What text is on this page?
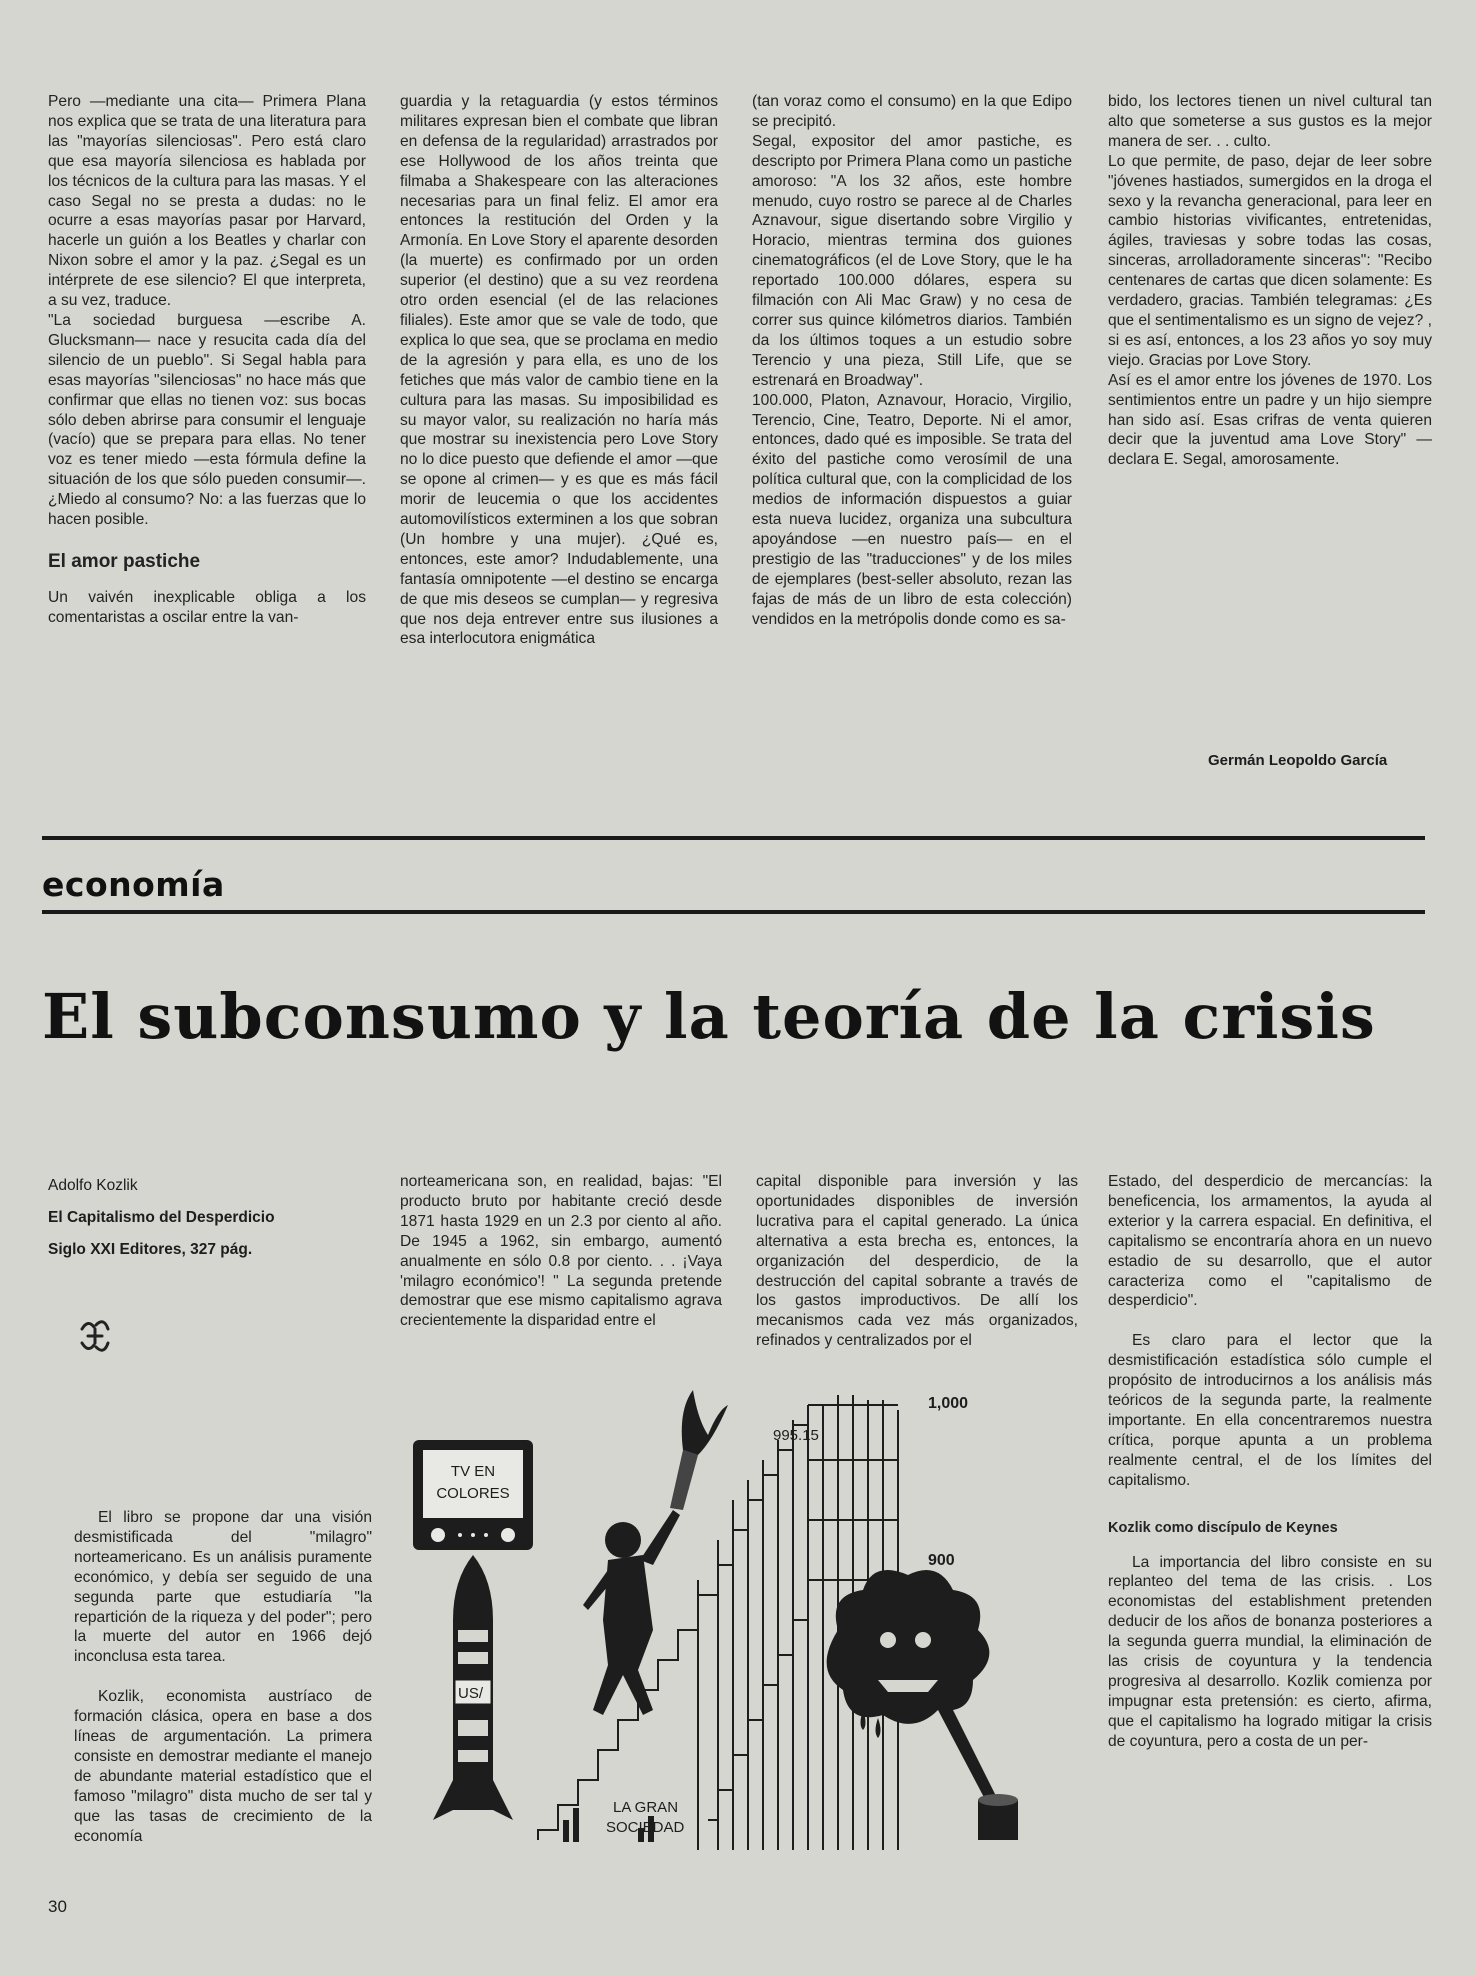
Pero —mediante una cita— Primera Plana nos explica que se trata de una literatura para las "mayorías silenciosas". Pero está claro que esa mayoría silenciosa es hablada por los técnicos de la cultura para las masas. Y el caso Segal no se presta a dudas: no le ocurre a esas mayorías pasar por Harvard, hacerle un guión a los Beatles y charlar con Nixon sobre el amor y la paz. ¿Segal es un intérprete de ese silencio? El que interpreta, a su vez, traduce.

"La sociedad burguesa —escribe A. Glucksmann— nace y resucita cada día del silencio de un pueblo". Si Segal habla para esas mayorías "silenciosas" no hace más que confirmar que ellas no tienen voz: sus bocas sólo deben abrirse para consumir el lenguaje (vacío) que se prepara para ellas. No tener voz es tener miedo —esta fórmula define la situación de los que sólo pueden consumir—. ¿Miedo al consumo? No: a las fuerzas que lo hacen posible.

El amor pastiche

Un vaivén inexplicable obliga a los comentaristas a oscilar entre la van-

guardia y la retaguardia (y estos términos militares expresan bien el combate que libran en defensa de la regularidad) arrastrados por ese Hollywood de los años treinta que filmaba a Shakespeare con las alteraciones necesarias para un final feliz. El amor era entonces la restitución del Orden y la Armonía. En Love Story el aparente desorden (la muerte) es confirmado por un orden superior (el destino) que a su vez reordena otro orden esencial (el de las relaciones filiales). Este amor que se vale de todo, que explica lo que sea, que se proclama en medio de la agresión y para ella, es uno de los fetiches que más valor de cambio tiene en la cultura para las masas. Su imposibilidad es su mayor valor, su realización no haría más que mostrar su inexistencia pero Love Story no lo dice puesto que defiende el amor —que se opone al crimen— y es que es más fácil morir de leucemia o que los accidentes automovilísticos exterminen a los que sobran (Un hombre y una mujer). ¿Qué es, entonces, este amor? Indudablemente, una fantasía omnipotente —el destino se encarga de que mis deseos se cumplan— y regresiva que nos deja entrever entre sus ilusiones a esa interlocutora enigmática

(tan voraz como el consumo) en la que Edipo se precipitó.

Segal, expositor del amor pastiche, es descripto por Primera Plana como un pastiche amoroso: "A los 32 años, este hombre menudo, cuyo rostro se parece al de Charles Aznavour, sigue disertando sobre Virgilio y Horacio, mientras termina dos guiones cinematográficos (el de Love Story, que le ha reportado 100.000 dólares, espera su filmación con Ali Mac Graw) y no cesa de correr sus quince kilómetros diarios. También da los últimos toques a un estudio sobre Terencio y una pieza, Still Life, que se estrenará en Broadway".

100.000, Platon, Aznavour, Horacio, Virgilio, Terencio, Cine, Teatro, Deporte. Ni el amor, entonces, dado qué es imposible. Se trata del éxito del pastiche como verosímil de una política cultural que, con la complicidad de los medios de información dispuestos a guiar esta nueva lucidez, organiza una subcultura apoyándose —en nuestro país— en el prestigio de las "traducciones" y de los miles de ejemplares (best-seller absoluto, rezan las fajas de más de un libro de esta colección) vendidos en la metrópolis donde como es sa-

bido, los lectores tienen un nivel cultural tan alto que someterse a sus gustos es la mejor manera de ser. . . culto.

Lo que permite, de paso, dejar de leer sobre "jóvenes hastiados, sumergidos en la droga el sexo y la revancha generacional, para leer en cambio historias vivificantes, entretenidas, ágiles, traviesas y sobre todas las cosas, sinceras, arrolladoramente sinceras": "Recibo centenares de cartas que dicen solamente: Es verdadero, gracias. También telegramas: ¿Es que el sentimentalismo es un signo de vejez? , si es así, entonces, a los 23 años yo soy muy viejo. Gracias por Love Story.

Así es el amor entre los jóvenes de 1970. Los sentimientos entre un padre y un hijo siempre han sido así. Esas crifras de venta quieren decir que la juventud ama Love Story" —declara E. Segal, amorosamente.

Germán Leopoldo García
economía
El subconsumo y la teoría de la crisis
Adolfo Kozlik
El Capitalismo del Desperdicio
Siglo XXI Editores, 327 pág.

El libro se propone dar una visión desmistificada del "milagro" norteamericano. Es un análisis puramente económico, y debía ser seguido de una segunda parte que estudiaría "la repartición de la riqueza y del poder"; pero la muerte del autor en 1966 dejó inconclusa esta tarea.

Kozlik, economista austríaco de formación clásica, opera en base a dos líneas de argumentación. La primera consiste en demostrar mediante el manejo de abundante material estadístico que el famoso "milagro" dista mucho de ser tal y que las tasas de crecimiento de la economía

norteamericana son, en realidad, bajas: "El producto bruto por habitante creció desde 1871 hasta 1929 en un 2.3 por ciento al año. De 1945 a 1962, sin embargo, aumentó anualmente en sólo 0.8 por ciento. . . ¡Vaya 'milagro económico'! " La segunda pretende demostrar que ese mismo capitalismo agrava crecientemente la disparidad entre el

capital disponible para inversión y las oportunidades disponibles de inversión lucrativa para el capital generado. La única alternativa a esta brecha es, entonces, la organización del desperdicio, de la destrucción del capital sobrante a través de los gastos improductivos. De allí los mecanismos cada vez más organizados, refinados y centralizados por el

Estado, del desperdicio de mercancías: la beneficencia, los armamentos, la ayuda al exterior y la carrera espacial. En definitiva, el capitalismo se encontraría ahora en un nuevo estadio de su desarrollo, que el autor caracteriza como el "capitalismo de desperdicio".

Es claro para el lector que la desmistificación estadística sólo cumple el propósito de introducirnos a los análisis más teóricos de la segunda parte, la realmente importante. En ella concentraremos nuestra crítica, porque apunta a un problema realmente central, el de los límites del capitalismo.

Kozlik como discípulo de Keynes

La importancia del libro consiste en su replanteo del tema de las crisis. . Los economistas del establishment pretenden deducir de los años de bonanza posteriores a la segunda guerra mundial, la eliminación de las crisis de coyuntura y la tendencia progresiva al desarrollo. Kozlik comienza por impugnar esta pretensión: es cierto, afirma, que el capitalismo ha logrado mitigar la crisis de coyuntura, pero a costa de un per-

995.15
1,000
900
TV EN
COLORES
US/
LA GRAN
SOCIEDAD
30
